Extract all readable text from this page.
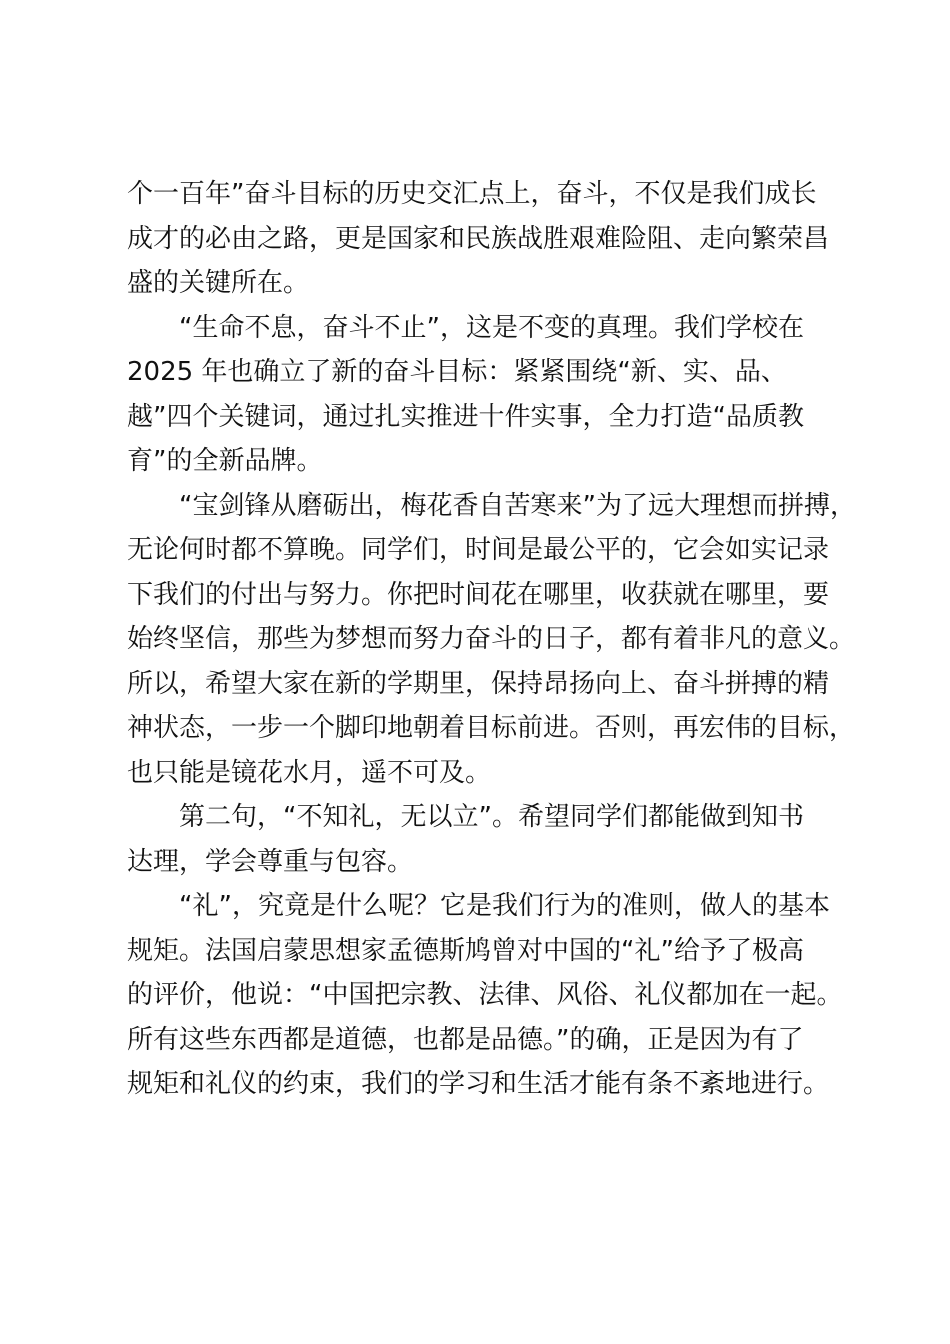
个一百年”奋斗目标的历史交汇点上，奋斗，不仅是我们成长
成才的必由之路，更是国家和民族战胜艰难险阻、走向繁荣昌
盛的关键所在。
　　“生命不息，奋斗不止”，这是不变的真理。我们学校在
2025 年也确立了新的奋斗目标：紧紧围绕“新、实、品、
越”四个关键词，通过扎实推进十件实事，全力打造“品质教
育”的全新品牌。
　　“宝剑锋从磨砺出，梅花香自苦寒来”为了远大理想而拼搏，
无论何时都不算晚。同学们，时间是最公平的，它会如实记录
下我们的付出与努力。你把时间花在哪里，收获就在哪里，要
始终坚信，那些为梦想而努力奋斗的日子，都有着非凡的意义。
所以，希望大家在新的学期里，保持昂扬向上、奋斗拼搏的精
神状态，一步一个脚印地朝着目标前进。否则，再宏伟的目标，
也只能是镜花水月，遥不可及。
　　第二句，“不知礼，无以立”。希望同学们都能做到知书
达理，学会尊重与包容。
　　“礼”，究竟是什么呢？它是我们行为的准则，做人的基本
规矩。法国启蒙思想家孟德斯鸠曾对中国的“礼”给予了极高
的评价，他说：“中国把宗教、法律、风俗、礼仪都加在一起。
所有这些东西都是道德，也都是品德。”的确，正是因为有了
规矩和礼仪的约束，我们的学习和生活才能有条不紊地进行。
